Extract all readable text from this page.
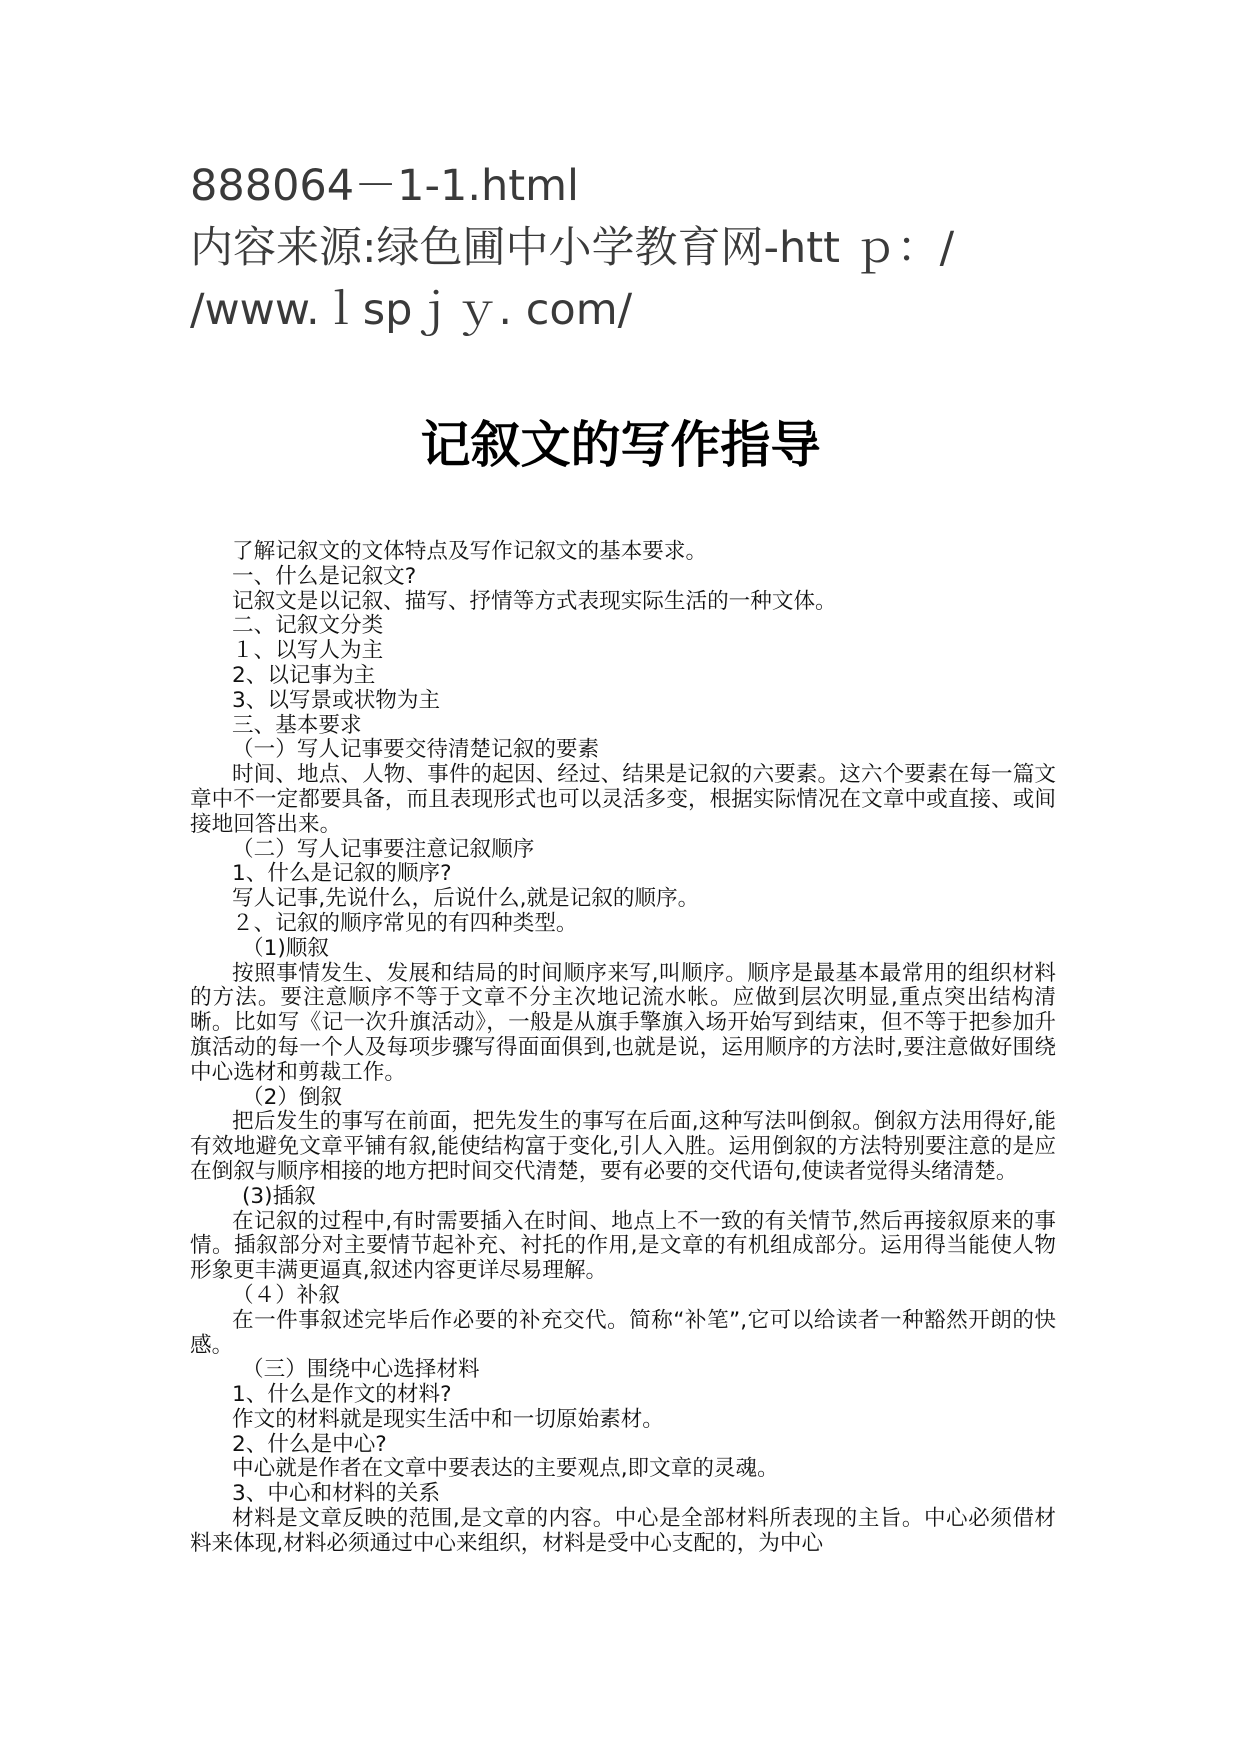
888064－1-1.html
内容来源:绿色圃中小学教育网-htt ｐ：/
/www.ｌspｊｙ. com/
记叙文的写作指导

了解记叙文的文体特点及写作记叙文的基本要求。

一、什么是记叙文?

记叙文是以记叙、描写、抒情等方式表现实际生活的一种文体。

二、记叙文分类

１、以写人为主

2、以记事为主

3、以写景或状物为主

三、基本要求

（一）写人记事要交待清楚记叙的要素

时间、地点、人物、事件的起因、经过、结果是记叙的六要素。这六个要素在每一篇文章中不一定都要具备，而且表现形式也可以灵活多变，根据实际情况在文章中或直接、或间接地回答出来。

（二）写人记事要注意记叙顺序

1、什么是记叙的顺序?

写人记事,先说什么，后说什么,就是记叙的顺序。

２、记叙的顺序常见的有四种类型。

（1)顺叙

按照事情发生、发展和结局的时间顺序来写,叫顺序。顺序是最基本最常用的组织材料的方法。要注意顺序不等于文章不分主次地记流水帐。应做到层次明显,重点突出结构清晰。比如写《记一次升旗活动》，一般是从旗手擎旗入场开始写到结束，但不等于把参加升旗活动的每一个人及每项步骤写得面面俱到,也就是说，运用顺序的方法时,要注意做好围绕中心选材和剪裁工作。

（2）倒叙

把后发生的事写在前面，把先发生的事写在后面,这种写法叫倒叙。倒叙方法用得好,能有效地避免文章平铺有叙,能使结构富于变化,引人入胜。运用倒叙的方法特别要注意的是应在倒叙与顺序相接的地方把时间交代清楚，要有必要的交代语句,使读者觉得头绪清楚。

(3)插叙

在记叙的过程中,有时需要插入在时间、地点上不一致的有关情节,然后再接叙原来的事情。插叙部分对主要情节起补充、衬托的作用,是文章的有机组成部分。运用得当能使人物形象更丰满更逼真,叙述内容更详尽易理解。

（４）补叙

在一件事叙述完毕后作必要的补充交代。简称“补笔”,它可以给读者一种豁然开朗的快感。

（三）围绕中心选择材料

1、什么是作文的材料?

作文的材料就是现实生活中和一切原始素材。

2、什么是中心?

中心就是作者在文章中要表达的主要观点,即文章的灵魂。

3、中心和材料的关系

材料是文章反映的范围,是文章的内容。中心是全部材料所表现的主旨。中心必须借材料来体现,材料必须通过中心来组织，材料是受中心支配的，为中心
